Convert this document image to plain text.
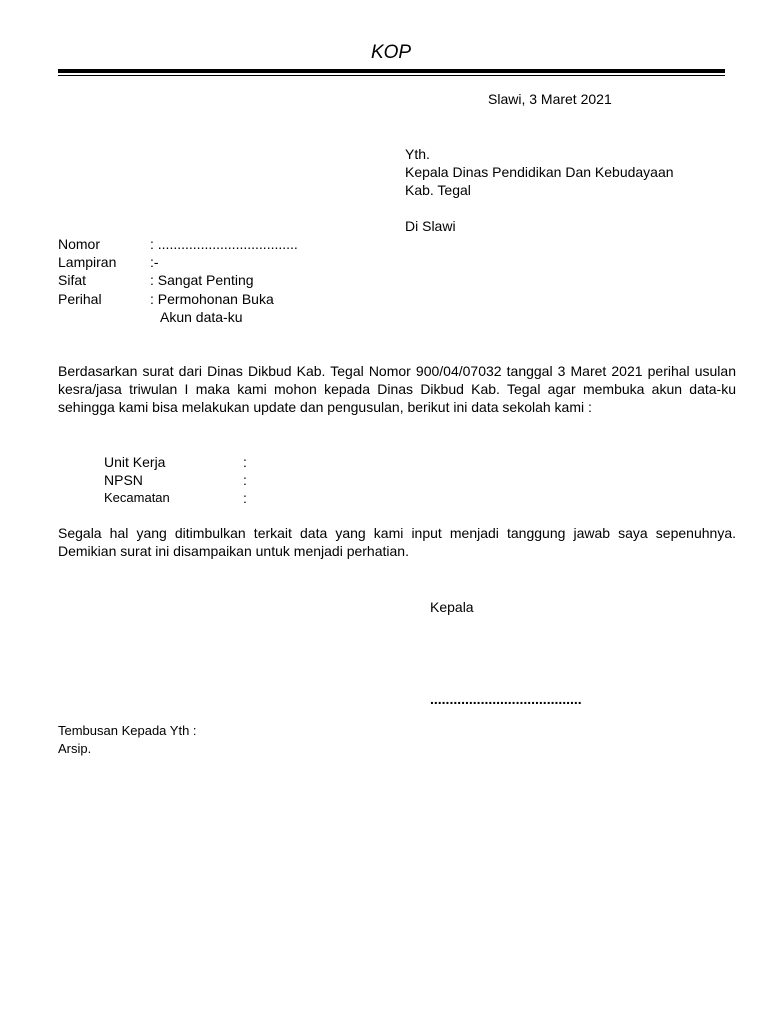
KOP
Slawi, 3 Maret 2021
Yth.
Kepala Dinas Pendidikan Dan Kebudayaan
Kab. Tegal
Di Slawi
Nomor	: ....................................
Lampiran :-
Sifat	: Sangat Penting
Perihal	: Permohonan Buka
Akun data-ku
Berdasarkan surat dari Dinas Dikbud Kab. Tegal Nomor 900/04/07032 tanggal 3 Maret 2021 perihal usulan kesra/jasa triwulan I maka kami mohon kepada Dinas Dikbud Kab. Tegal agar membuka akun data-ku sehingga kami bisa melakukan update dan pengusulan, berikut ini data sekolah kami :
Unit Kerja	:
NPSN	:
Kecamatan	:
Segala hal yang ditimbulkan terkait data yang kami input menjadi tanggung jawab saya sepenuhnya. Demikian surat ini disampaikan untuk menjadi perhatian.
Kepala
.......................................
Tembusan Kepada Yth :
Arsip.
